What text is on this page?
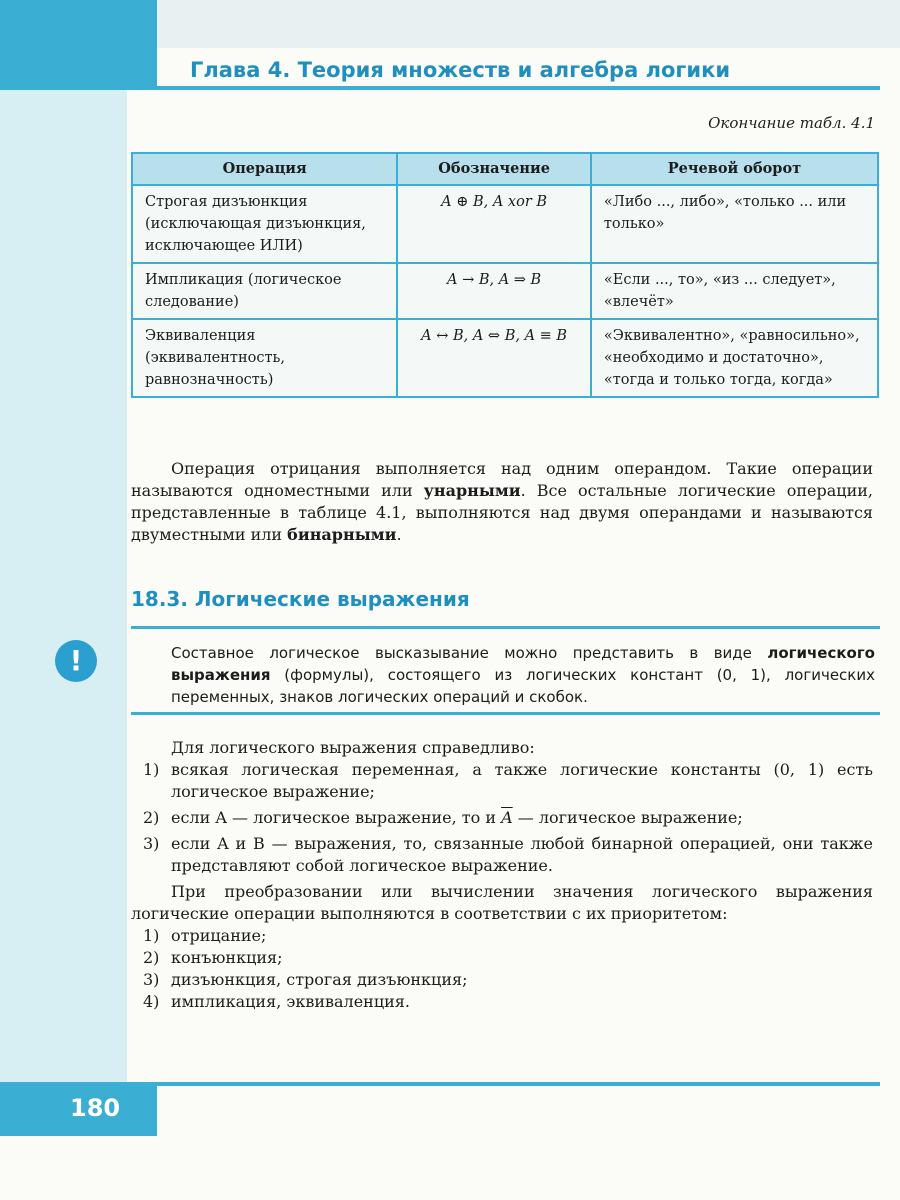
Глава 4. Теория множеств и алгебра логики
Окончание табл. 4.1
Операция	Обозначение	Речевой оборот
Строгая дизъюнкция (исключающая дизъюнкция, исключающее ИЛИ)	A ⊕ B, A xor B	«Либо ..., либо», «только ... или только»
Импликация (логическое следование)	A → B, A ⇒ B	«Если ..., то», «из ... следует», «влечёт»
Эквиваленция (эквивалентность, равнозначность)	A ↔ B, A ⇔ B, A ≡ B	«Эквивалентно», «равносильно», «необходимо и достаточно», «тогда и только тогда, когда»

Операция отрицания выполняется над одним операндом. Такие операции называются одноместными или унарными. Все остальные логические операции, представленные в таблице 4.1, выполняются над двумя операндами и называются двуместными или бинарными.

18.3. Логические выражения
!	Составное логическое высказывание можно представить в виде логического выражения (формулы), состоящего из логических констант (0, 1), логических переменных, знаков логических операций и скобок.

Для логического выражения справедливо:
1) всякая логическая переменная, а также логические константы (0, 1) есть логическое выражение;
2) если A — логическое выражение, то и $\overline{A}$ — логическое выражение;
3) если A и B — выражения, то, связанные любой бинарной операцией, они также представляют собой логическое выражение.
При преобразовании или вычислении значения логического выражения логические операции выполняются в соответствии с их приоритетом:
1) отрицание;
2) конъюнкция;
3) дизъюнкция, строгая дизъюнкция;
4) импликация, эквиваленция.
180
